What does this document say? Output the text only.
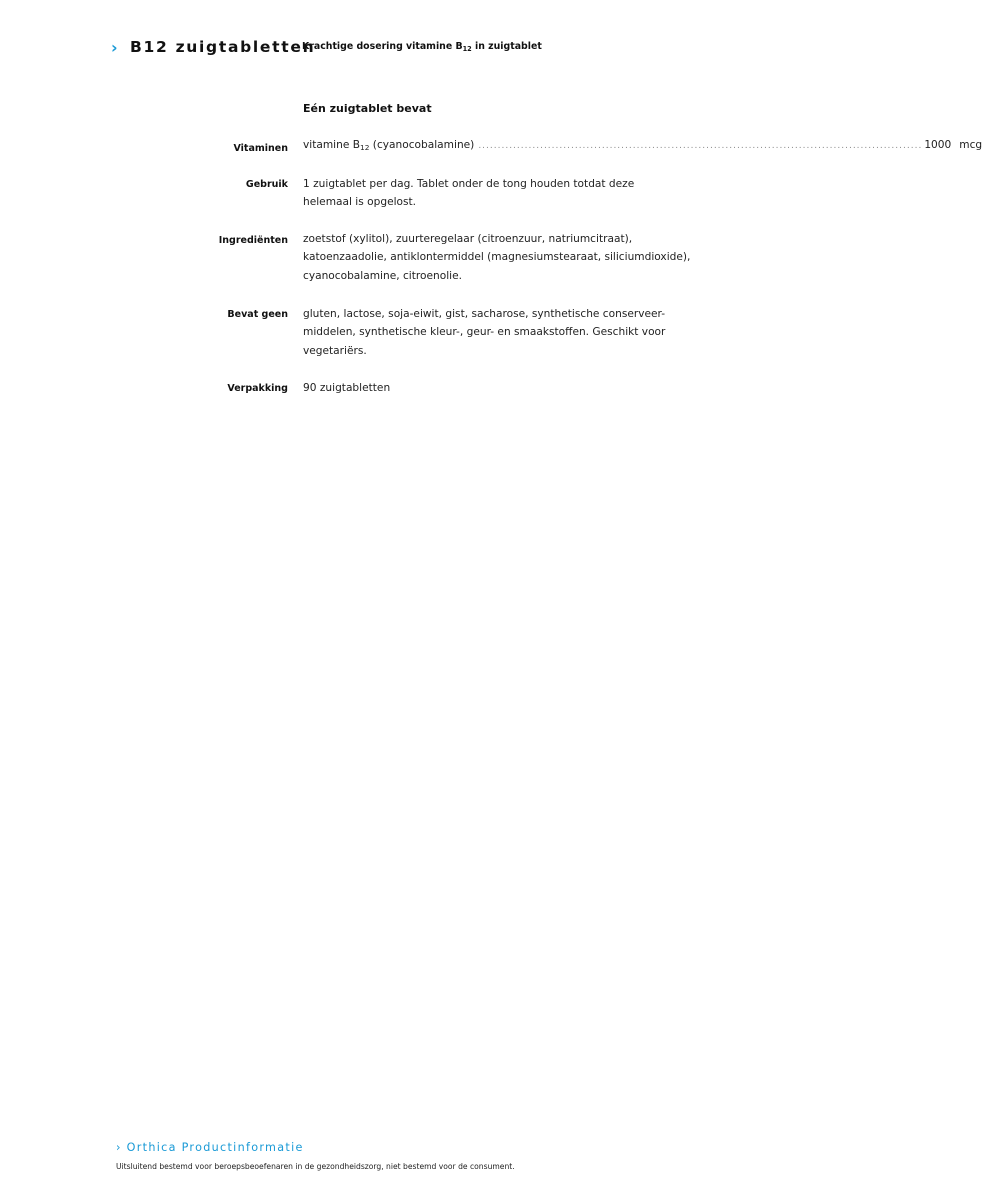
› B12 zuigtabletten
Krachtige dosering vitamine $B_{12}$ in zuigtablet
Eén zuigtablet bevat
Vitaminen vitamine $B_{12}$ (cyanocobalamine) ................................................................................................................... 1000 mcg
Gebruik 1 zuigtablet per dag. Tablet onder de tong houden totdat deze
helemaal is opgelost.
Ingrediënten zoetstof (xylitol), zuurteregelaar (citroenzuur, natriumcitraat),
katoenzaadolie, antiklontermiddel (magnesiumstearaat, siliciumdioxide),
cyanocobalamine, citroenolie.
Bevat geen gluten, lactose, soja-eiwit, gist, sacharose, synthetische conserveer-
middelen, synthetische kleur-, geur- en smaakstoffen. Geschikt voor
vegetariërs.
Verpakking 90 zuigtabletten
› Orthica Productinformatie
Uitsluitend bestemd voor beroepsbeoefenaren in de gezondheidszorg, niet bestemd voor de consument.
